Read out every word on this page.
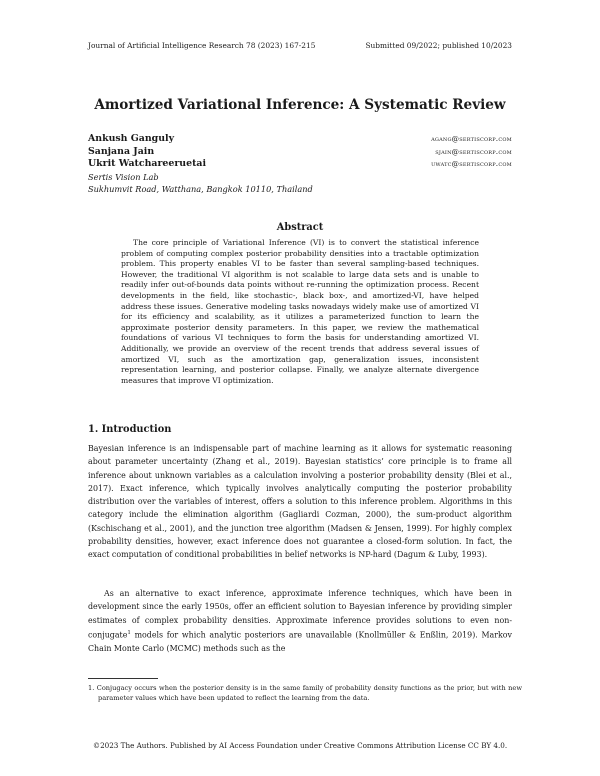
Journal of Artificial Intelligence Research 78 (2023) 167-215	Submitted 09/2022; published 10/2023
Amortized Variational Inference: A Systematic Review
Ankush Ganguly	agang@sertiscorp.com
Sanjana Jain	sjain@sertiscorp.com
Ukrit Watchareeruetai	uwatc@sertiscorp.com
Sertis Vision Lab
Sukhumvit Road, Watthana, Bangkok 10110, Thailand
Abstract

The core principle of Variational Inference (VI) is to convert the statistical inference problem of computing complex posterior probability densities into a tractable optimization problem. This property enables VI to be faster than several sampling-based techniques. However, the traditional VI algorithm is not scalable to large data sets and is unable to readily infer out-of-bounds data points without re-running the optimization process. Recent developments in the field, like stochastic-, black box-, and amortized-VI, have helped address these issues. Generative modeling tasks nowadays widely make use of amortized VI for its efficiency and scalability, as it utilizes a parameterized function to learn the approximate posterior density parameters. In this paper, we review the mathematical foundations of various VI techniques to form the basis for understanding amortized VI. Additionally, we provide an overview of the recent trends that address several issues of amortized VI, such as the amortization gap, generalization issues, inconsistent representation learning, and posterior collapse. Finally, we analyze alternate divergence measures that improve VI optimization.

1. Introduction

Bayesian inference is an indispensable part of machine learning as it allows for systematic reasoning about parameter uncertainty (Zhang et al., 2019). Bayesian statistics’ core principle is to frame all inference about unknown variables as a calculation involving a posterior probability density (Blei et al., 2017). Exact inference, which typically involves analytically computing the posterior probability distribution over the variables of interest, offers a solution to this inference problem. Algorithms in this category include the elimination algorithm (Gagliardi Cozman, 2000), the sum-product algorithm (Kschischang et al., 2001), and the junction tree algorithm (Madsen & Jensen, 1999). For highly complex probability densities, however, exact inference does not guarantee a closed-form solution. In fact, the exact computation of conditional probabilities in belief networks is NP-hard (Dagum & Luby, 1993).

As an alternative to exact inference, approximate inference techniques, which have been in development since the early 1950s, offer an efficient solution to Bayesian inference by providing simpler estimates of complex probability densities. Approximate inference provides solutions to even non-conjugate$^1$ models for which analytic posteriors are unavailable (Knollmüller & Enßlin, 2019). Markov Chain Monte Carlo (MCMC) methods such as the

1. Conjugacy occurs when the posterior density is in the same family of probability density functions as the prior, but with new parameter values which have been updated to reflect the learning from the data.

©2023 The Authors. Published by AI Access Foundation under Creative Commons Attribution License CC BY 4.0.
